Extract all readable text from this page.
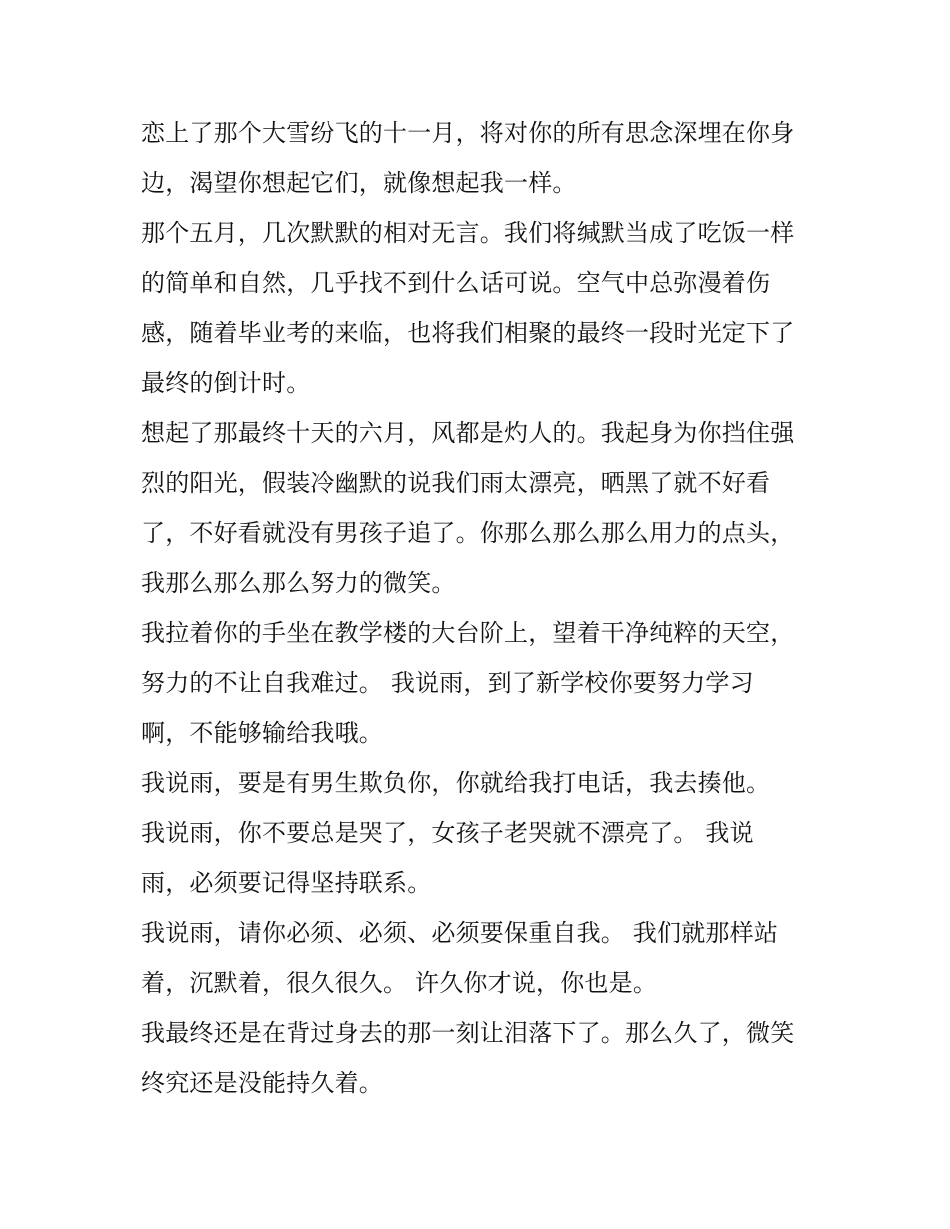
恋上了那个大雪纷飞的十一月，将对你的所有思念深埋在你身
边，渴望你想起它们，就像想起我一样。
那个五月，几次默默的相对无言。我们将缄默当成了吃饭一样
的简单和自然，几乎找不到什么话可说。空气中总弥漫着伤
感，随着毕业考的来临，也将我们相聚的最终一段时光定下了
最终的倒计时。
想起了那最终十天的六月，风都是灼人的。我起身为你挡住强
烈的阳光，假装冷幽默的说我们雨太漂亮，晒黑了就不好看
了，不好看就没有男孩子追了。你那么那么那么用力的点头，
我那么那么那么努力的微笑。
我拉着你的手坐在教学楼的大台阶上，望着干净纯粹的天空，
努力的不让自我难过。 我说雨，到了新学校你要努力学习
啊，不能够输给我哦。
我说雨，要是有男生欺负你，你就给我打电话，我去揍他。
我说雨，你不要总是哭了，女孩子老哭就不漂亮了。 我说
雨，必须要记得坚持联系。
我说雨，请你必须、必须、必须要保重自我。 我们就那样站
着，沉默着，很久很久。 许久你才说，你也是。
我最终还是在背过身去的那一刻让泪落下了。那么久了，微笑
终究还是没能持久着。
